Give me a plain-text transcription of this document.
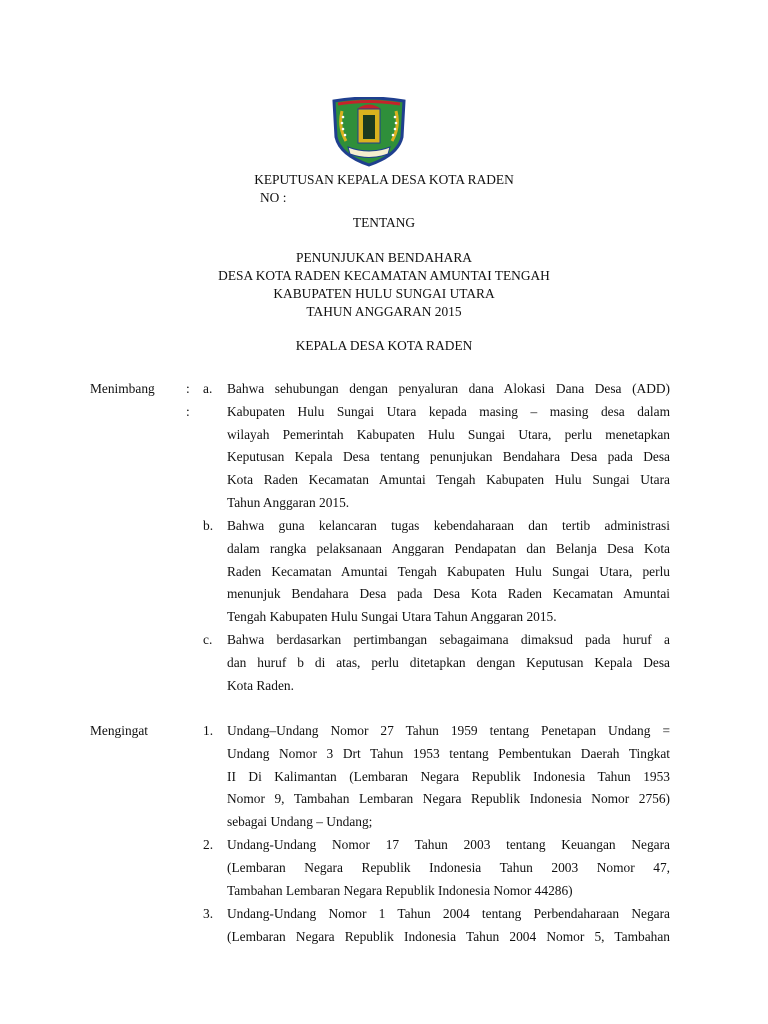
KEPUTUSAN KEPALA DESA KOTA RADEN
NO :
TENTANG
PENUNJUKAN BENDAHARA
DESA KOTA RADEN KECAMATAN AMUNTAI TENGAH
KABUPATEN HULU SUNGAI UTARA
TAHUN ANGGARAN 2015
KEPALA DESA KOTA RADEN
Menimbang :
:
a. Bahwa sehubungan dengan penyaluran dana Alokasi Dana Desa (ADD)
Kabupaten Hulu Sungai Utara kepada masing – masing desa dalam
wilayah Pemerintah Kabupaten Hulu Sungai Utara, perlu menetapkan
Keputusan Kepala Desa tentang penunjukan Bendahara Desa pada Desa
Kota Raden Kecamatan Amuntai Tengah Kabupaten Hulu Sungai Utara
Tahun Anggaran 2015.
b. Bahwa guna kelancaran tugas kebendaharaan dan tertib administrasi
dalam rangka pelaksanaan Anggaran Pendapatan dan Belanja Desa Kota
Raden Kecamatan Amuntai Tengah Kabupaten Hulu Sungai Utara, perlu
menunjuk Bendahara Desa pada Desa Kota Raden Kecamatan Amuntai
Tengah Kabupaten Hulu Sungai Utara Tahun Anggaran 2015.
c. Bahwa berdasarkan pertimbangan sebagaimana dimaksud pada huruf a
dan huruf b di atas, perlu ditetapkan dengan Keputusan Kepala Desa
Kota Raden.
Mengingat	1. Undang–Undang Nomor 27 Tahun 1959 tentang Penetapan Undang =
Undang Nomor 3 Drt Tahun 1953 tentang Pembentukan Daerah Tingkat
II Di Kalimantan (Lembaran Negara Republik Indonesia Tahun 1953
Nomor 9, Tambahan Lembaran Negara Republik Indonesia Nomor 2756)
sebagai Undang – Undang;
2. Undang-Undang Nomor 17 Tahun 2003 tentang Keuangan Negara
(Lembaran Negara Republik Indonesia Tahun 2003 Nomor 47,
Tambahan Lembaran Negara Republik Indonesia Nomor 44286)
3. Undang-Undang Nomor 1 Tahun 2004 tentang Perbendaharaan Negara
(Lembaran Negara Republik Indonesia Tahun 2004 Nomor 5, Tambahan
